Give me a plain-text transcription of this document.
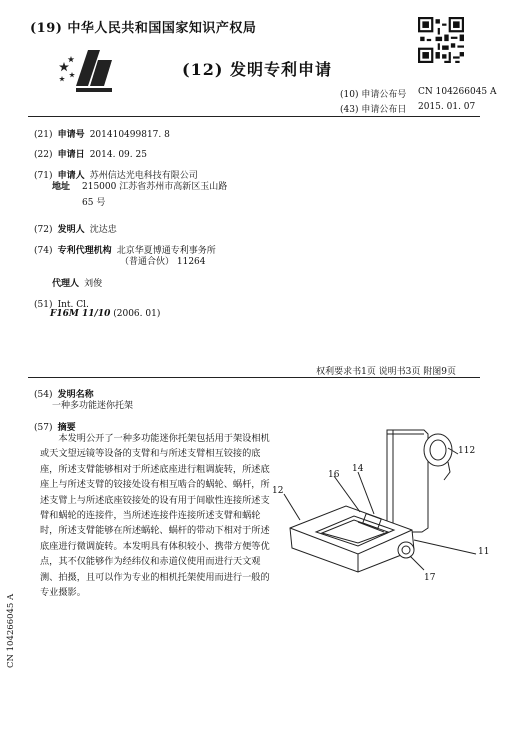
(19) 中华人民共和国国家知识产权局
(12) 发明专利申请
(10) 申请公布号 CN 104266045 A
(43) 申请公布日 2015. 01. 07
(21) 申请号 201410499817. 8
(22) 申请日 2014. 09. 25
(71) 申请人 苏州信达光电科技有限公司
地址 215000 江苏省苏州市高新区玉山路
65 号
(72) 发明人 沈达忠
(74) 专利代理机构 北京华夏博通专利事务所
（普通合伙） 11264
代理人 刘俊
(51) Int. Cl.
F16M 11/10 (2006. 01)
权利要求书1页 说明书3页 附图9页
(54) 发明名称
一种多功能迷你托架
(57) 摘要
本发明公开了一种多功能迷你托架包括用于架设相机或天文望远镜等设备的支臂和与所述支臂相互铰接的底座，所述支臂能够相对于所述底座进行粗调旋转，所述底座上与所述支臂的铰接处设有相互啮合的蜗轮、蜗杆，所述支臂上与所述底座铰接处的设有用于间歇性连接所述支臂和蜗轮的连接件，当所述连接件连接所述支臂和蜗轮时，所述支臂能够在所述蜗轮、蜗杆的带动下相对于所述底座进行微调旋转。本发明具有体积较小、携带方便等优点，其不仅能够作为经纬仪和赤道仪使用而进行天文观测、拍摄，且可以作为专业的相机托架使用而进行一般的专业摄影。
12
16
14
112
11
17
CN 104266045 A
